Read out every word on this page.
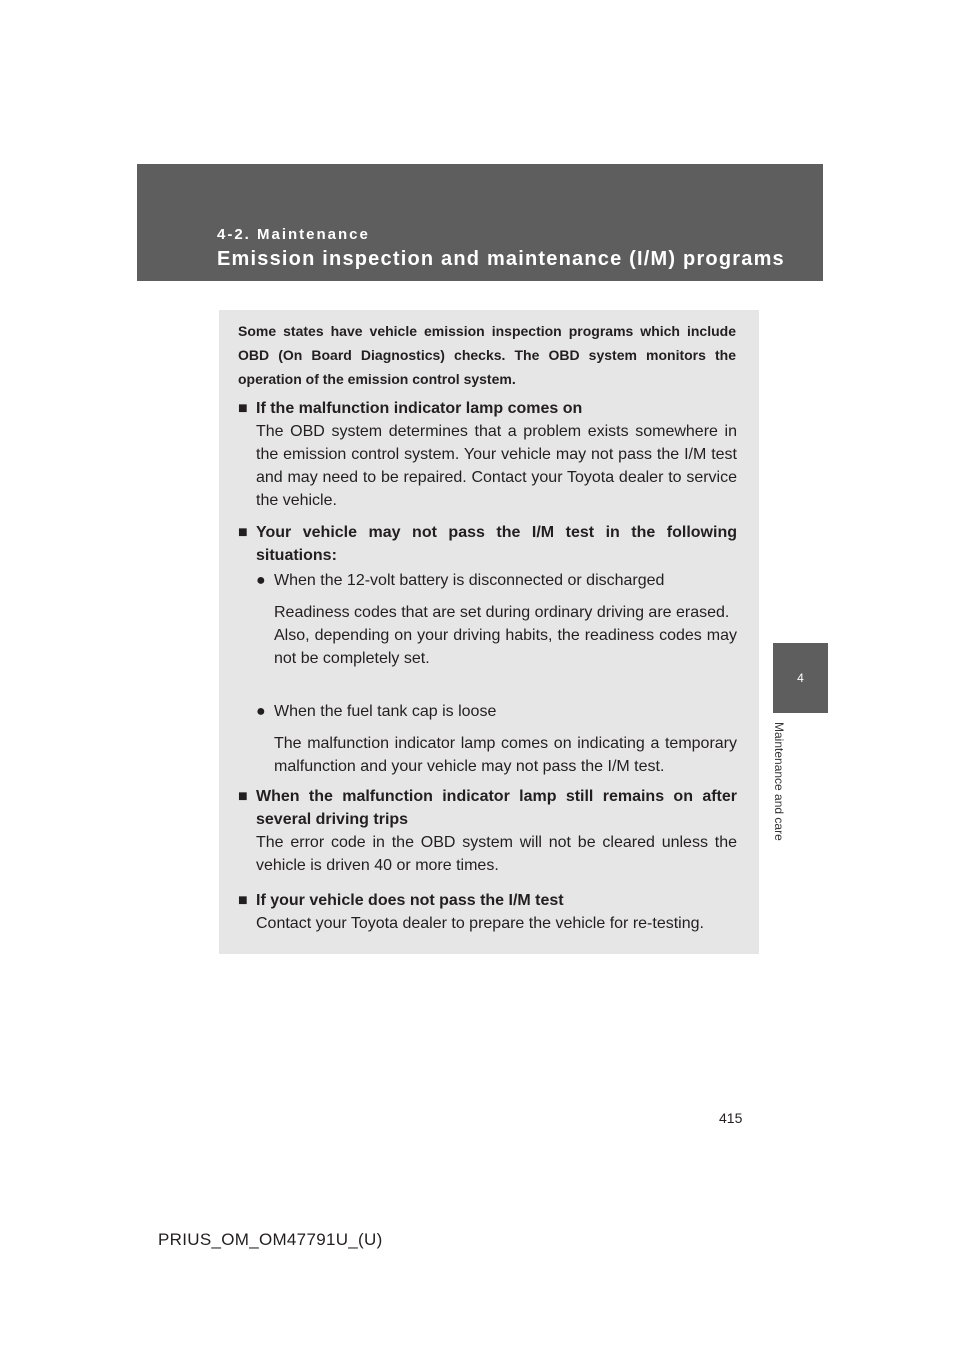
4-2. Maintenance
Emission inspection and maintenance (I/M) programs
4
Maintenance and care
Some states have vehicle emission inspection programs which include OBD (On Board Diagnostics) checks. The OBD system monitors the operation of the emission control system.
■ If the malfunction indicator lamp comes on
The OBD system determines that a problem exists somewhere in the emission control system. Your vehicle may not pass the I/M test and may need to be repaired. Contact your Toyota dealer to service the vehicle.
■ Your vehicle may not pass the I/M test in the following situations:
● When the 12-volt battery is disconnected or discharged
Readiness codes that are set during ordinary driving are erased.
Also, depending on your driving habits, the readiness codes may not be completely set.
● When the fuel tank cap is loose
The malfunction indicator lamp comes on indicating a temporary malfunction and your vehicle may not pass the I/M test.
■ When the malfunction indicator lamp still remains on after several driving trips
The error code in the OBD system will not be cleared unless the vehicle is driven 40 or more times.
■ If your vehicle does not pass the I/M test
Contact your Toyota dealer to prepare the vehicle for re-testing.
415
PRIUS_OM_OM47791U_(U)
